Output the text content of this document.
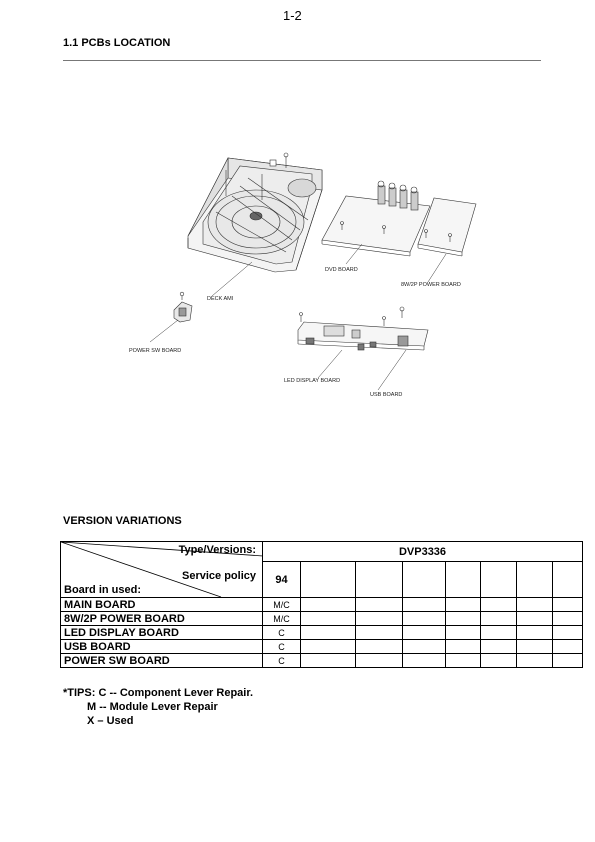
1-2
1.1 PCBs LOCATION
DVD BOARD
8W/2P POWER BOARD
DECK AMI
POWER SW BOARD
LED DISPLAY BOARD
USB BOARD
VERSION VARIATIONS
Type/Versions:
Service policy
Board in used:	DVP3336							
	94							
MAIN BOARD	M/C							
8W/2P POWER BOARD	M/C							
LED DISPLAY BOARD	C							
USB BOARD	C							
POWER SW BOARD	C							
*TIPS: C -- Component Lever Repair.
M -- Module Lever Repair
X – Used
